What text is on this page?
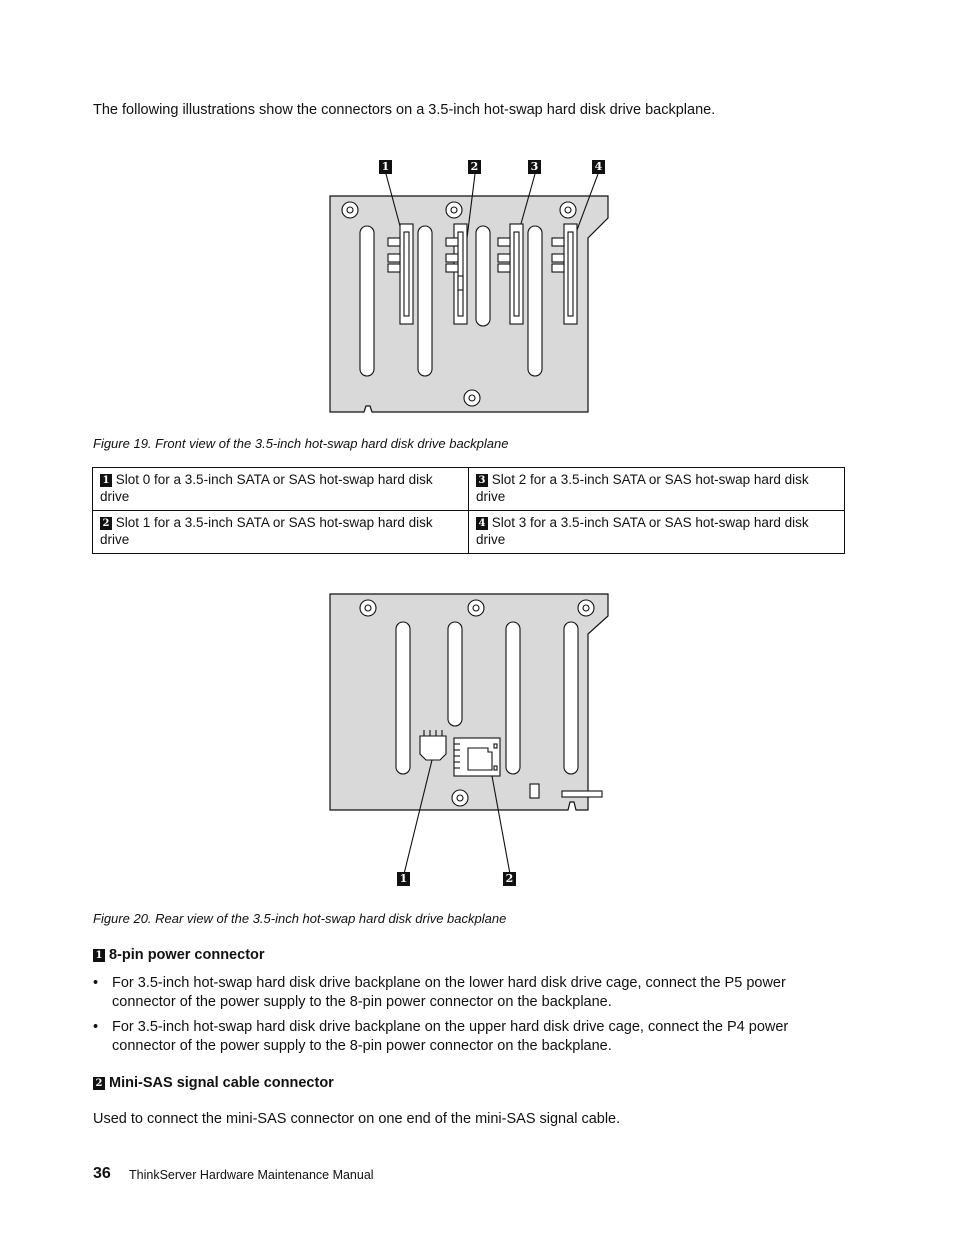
The following illustrations show the connectors on a 3.5-inch hot-swap hard disk drive backplane.
1	2	3	4
Figure 19. Front view of the 3.5-inch hot-swap hard disk drive backplane
1 Slot 0 for a 3.5-inch SATA or SAS hot-swap hard disk drive	3 Slot 2 for a 3.5-inch SATA or SAS hot-swap hard disk drive
2 Slot 1 for a 3.5-inch SATA or SAS hot-swap hard disk drive	4 Slot 3 for a 3.5-inch SATA or SAS hot-swap hard disk drive
1	2
Figure 20. Rear view of the 3.5-inch hot-swap hard disk drive backplane
1 8-pin power connector
• For 3.5-inch hot-swap hard disk drive backplane on the lower hard disk drive cage, connect the P5 power connector of the power supply to the 8-pin power connector on the backplane.
• For 3.5-inch hot-swap hard disk drive backplane on the upper hard disk drive cage, connect the P4 power connector of the power supply to the 8-pin power connector on the backplane.
2 Mini-SAS signal cable connector
Used to connect the mini-SAS connector on one end of the mini-SAS signal cable.
36 ThinkServer Hardware Maintenance Manual
